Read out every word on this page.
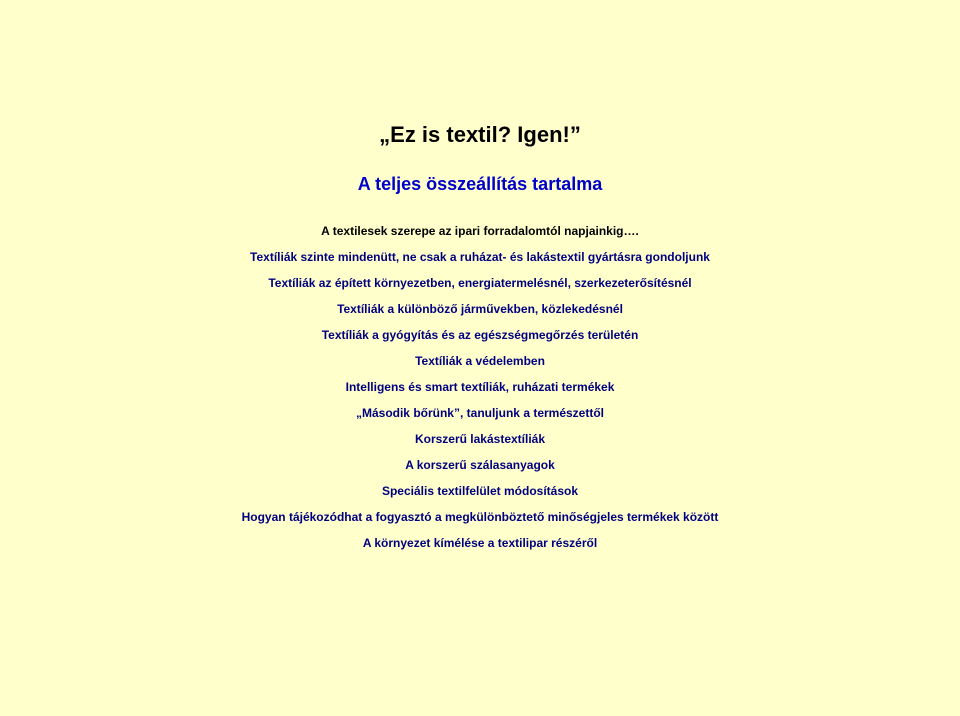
„Ez is textil? Igen!”
A teljes összeállítás tartalma
A textilesek szerepe az ipari forradalomtól napjainkig….
Textíliák szinte mindenütt, ne csak a ruházat- és lakástextil gyártásra gondoljunk
Textíliák az épített környezetben, energiatermelésnél, szerkezeterősítésnél
Textíliák a különböző járművekben, közlekedésnél
Textíliák a gyógyítás és az egészségmegőrzés területén
Textíliák a védelemben
Intelligens és smart textíliák, ruházati termékek
„Második bőrünk”, tanuljunk a természettől
Korszerű lakástextíliák
A korszerű szálasanyagok
Speciális textilfelület módosítások
Hogyan tájékozódhat a fogyasztó a megkülönböztető minőségjeles termékek között
A környezet kímélése a textilipar részéről
